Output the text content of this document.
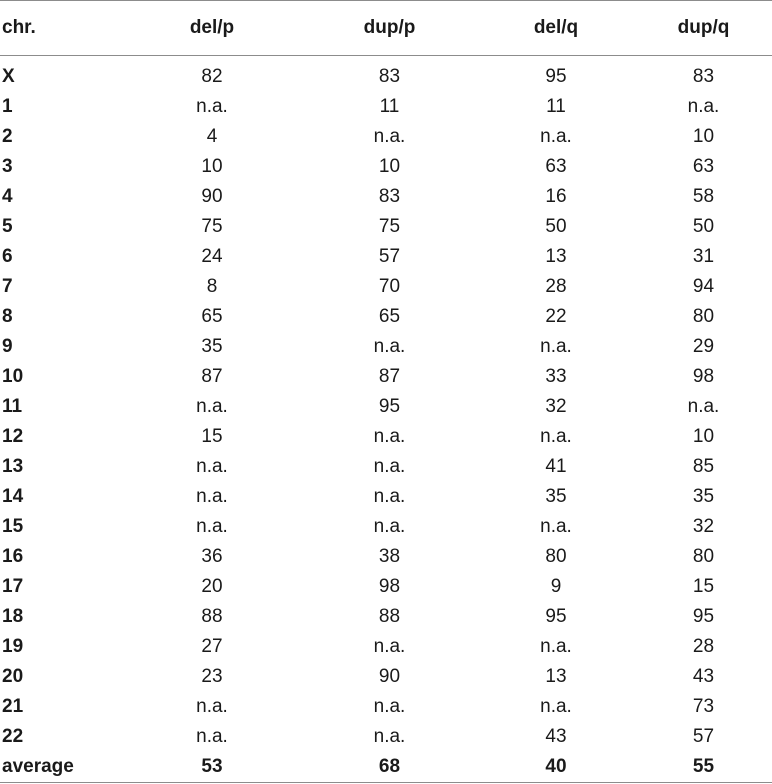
chr.	del/p	dup/p	del/q	dup/q
X	82	83	95	83
1	n.a.	11	11	n.a.
2	4	n.a.	n.a.	10
3	10	10	63	63
4	90	83	16	58
5	75	75	50	50
6	24	57	13	31
7	8	70	28	94
8	65	65	22	80
9	35	n.a.	n.a.	29
10	87	87	33	98
11	n.a.	95	32	n.a.
12	15	n.a.	n.a.	10
13	n.a.	n.a.	41	85
14	n.a.	n.a.	35	35
15	n.a.	n.a.	n.a.	32
16	36	38	80	80
17	20	98	9	15
18	88	88	95	95
19	27	n.a.	n.a.	28
20	23	90	13	43
21	n.a.	n.a.	n.a.	73
22	n.a.	n.a.	43	57
average	53	68	40	55
